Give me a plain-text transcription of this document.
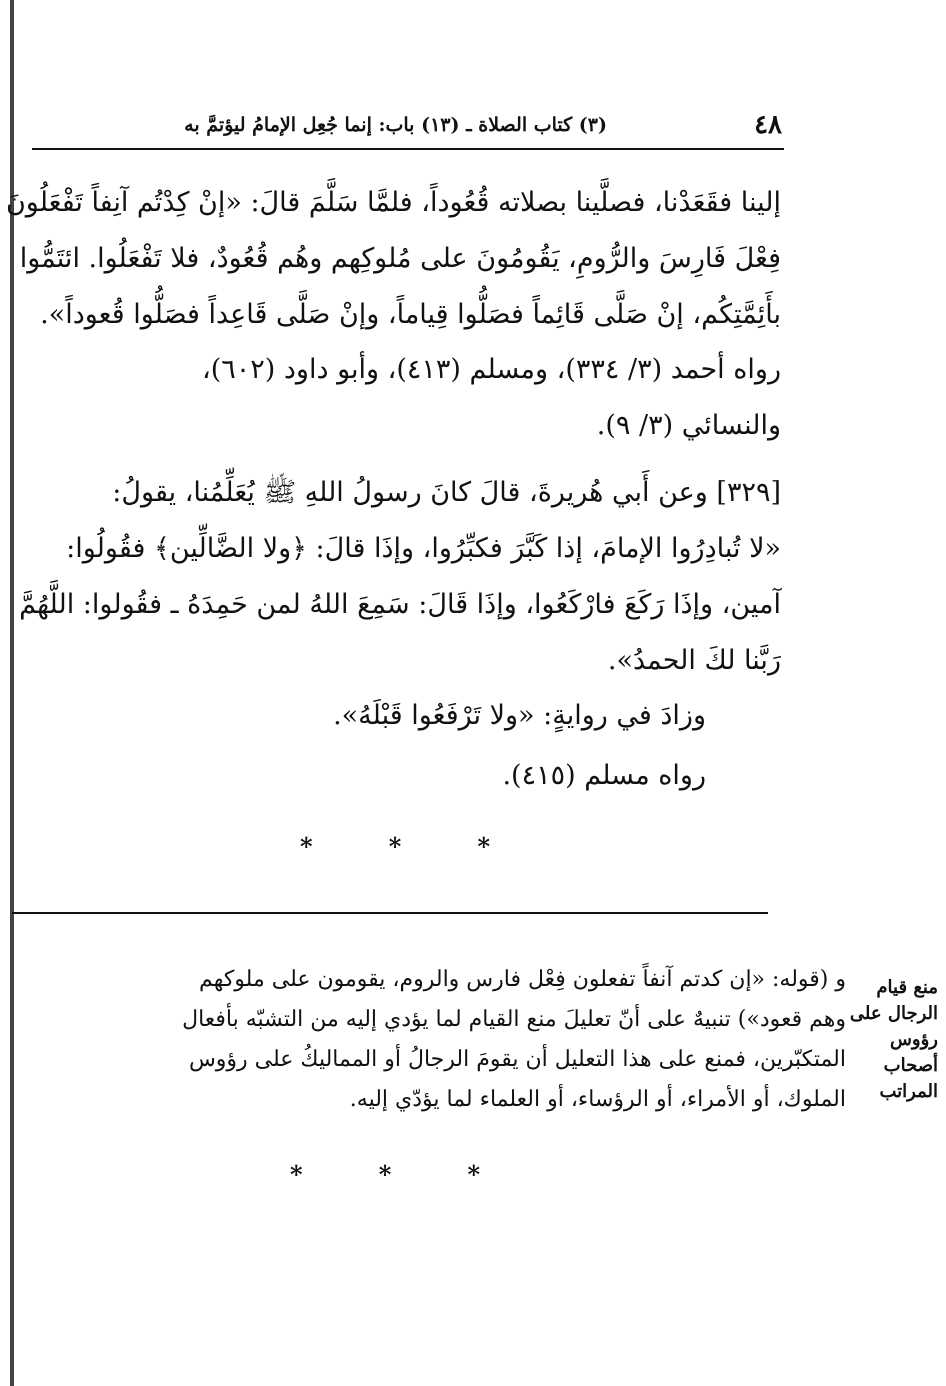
(٣) كتاب الصلاة ـ (١٣) باب: إنما جُعِل الإمامُ ليؤتمَّ به	٤٨
إلينا فقَعَدْنا، فصلَّينا بصلاته قُعُوداً، فلمَّا سَلَّمَ قالَ: «إنْ كِدْتُم آنِفاً تَفْعَلُونَ
فِعْلَ فَارِسَ والرُّومِ، يَقُومُونَ على مُلوكِهم وهُم قُعُودٌ، فلا تَفْعَلُوا. ائتَمُّوا
بأَئِمَّتِكُم، إنْ صَلَّى قَائِماً فصَلُّوا قِياماً، وإنْ صَلَّى قَاعِداً فصَلُّوا قُعوداً».
رواه أحمد (٣/ ٣٣٤)، ومسلم (٤١٣)، وأبو داود (٦٠٢)،
والنسائي (٣/ ٩).
[٣٢٩] وعن أَبي هُريرةَ، قالَ كانَ رسولُ اللهِ ﷺ يُعَلِّمُنا، يقولُ:
«لا تُبادِرُوا الإمامَ، إذا كَبَّرَ فكبِّرُوا، وإذَا قالَ: ﴿ولا الضَّالِّين﴾ فقُولُوا:
آمين، وإذَا رَكَعَ فارْكَعُوا، وإذَا قَالَ: سَمِعَ اللهُ لمن حَمِدَهُ ـ فقُولوا: اللَّهُمَّ
رَبَّنا لكَ الحمدُ».
وزادَ في روايةٍ: «ولا تَرْفَعُوا قَبْلَهُ».
رواه مسلم (٤١٥).
*	*	*
و (قوله: «إن كدتم آنفاً تفعلون فِعْل فارس والروم، يقومون على ملوكهم
وهم قعود») تنبيهٌ على أنّ تعليلَ منع القيام لما يؤدي إليه من التشبّه بأفعال
المتكبّرين، فمنع على هذا التعليل أن يقومَ الرجالُ أو المماليكُ على رؤوس
الملوك، أو الأمراء، أو الرؤساء، أو العلماء لما يؤدّي إليه.
منع قيام
الرجال على
رؤوس
أصحاب
المراتب
*	*	*
